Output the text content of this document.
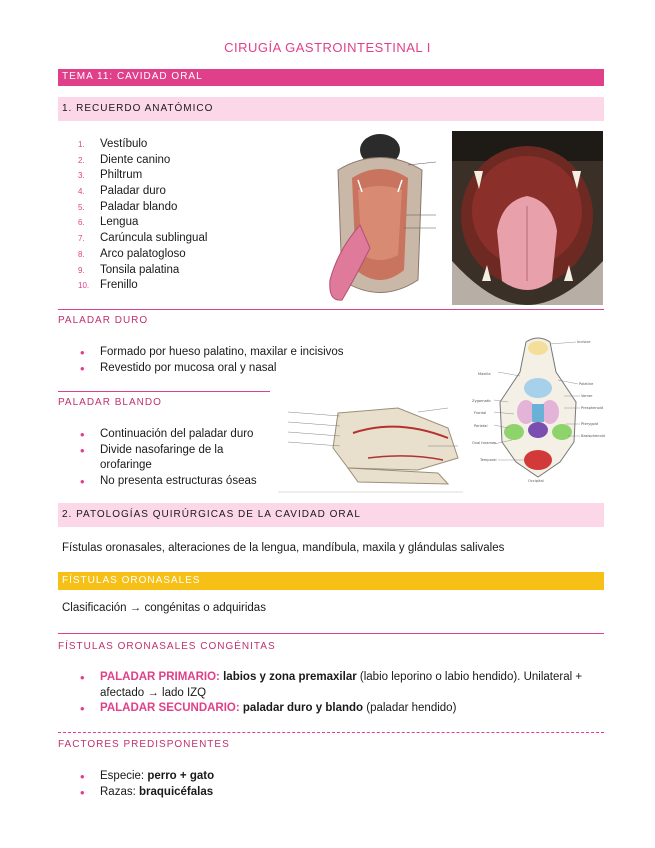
CIRUGÍA GASTROINTESTINAL I
TEMA 11: CAVIDAD ORAL
1. RECUERDO ANATÓMICO
1. Vestíbulo
2. Diente canino
3. Philtrum
4. Paladar duro
5. Paladar blando
6. Lengua
7. Carúncula sublingual
8. Arco palatogloso
9. Tonsila palatina
10. Frenillo
PALADAR DURO
• Formado por hueso palatino, maxilar e incisivos
• Revestido por mucosa oral y nasal
PALADAR BLANDO
• Continuación del paladar duro
• Divide nasofaringe de la
orofaringe
• No presenta estructuras óseas
Incisive
Maxilla
Palatine
Zygomatic
Vomer
Frontal
Presphenoid
Parietal	Pterygoid
Basisphenoid
Oval foramen
Temporal
Occipital
2. PATOLOGÍAS QUIRÚRGICAS DE LA CAVIDAD ORAL
Fístulas oronasales, alteraciones de la lengua, mandíbula, maxila y glándulas salivales
FÍSTULAS ORONASALES
Clasificación → congénitas o adquiridas
FÍSTULAS ORONASALES CONGÉNITAS
• PALADAR PRIMARIO: labios y zona premaxilar (labio leporino o labio hendido). Unilateral +
afectado → lado IZQ
• PALADAR SECUNDARIO: paladar duro y blando (paladar hendido)
FACTORES PREDISPONENTES
• Especie: perro + gato
• Razas: braquicéfalas
